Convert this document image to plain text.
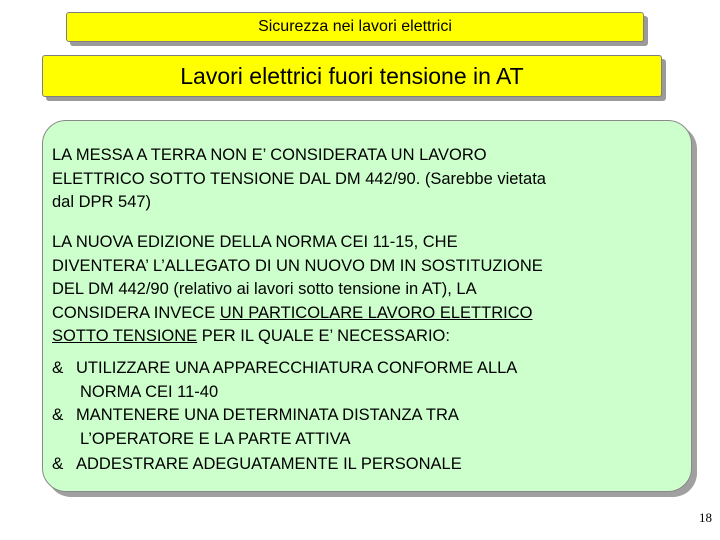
Sicurezza nei lavori elettrici
Lavori elettrici fuori tensione in AT

LA MESSA A TERRA NON E’ CONSIDERATA UN LAVORO
ELETTRICO SOTTO TENSIONE DAL DM 442/90. (Sarebbe vietata
dal DPR 547)

LA NUOVA EDIZIONE DELLA NORMA CEI 11-15, CHE
DIVENTERA’ L’ALLEGATO DI UN NUOVO DM IN SOSTITUZIONE
DEL DM 442/90 (relativo ai lavori sotto tensione in AT), LA
CONSIDERA INVECE UN PARTICOLARE LAVORO ELETTRICO
SOTTO TENSIONE PER IL QUALE E’ NECESSARIO:

& UTILIZZARE UNA APPARECCHIATURA CONFORME ALLA
NORMA CEI 11-40
& MANTENERE UNA DETERMINATA DISTANZA TRA
L’OPERATORE E LA PARTE ATTIVA
& ADDESTRARE ADEGUATAMENTE IL PERSONALE
18
